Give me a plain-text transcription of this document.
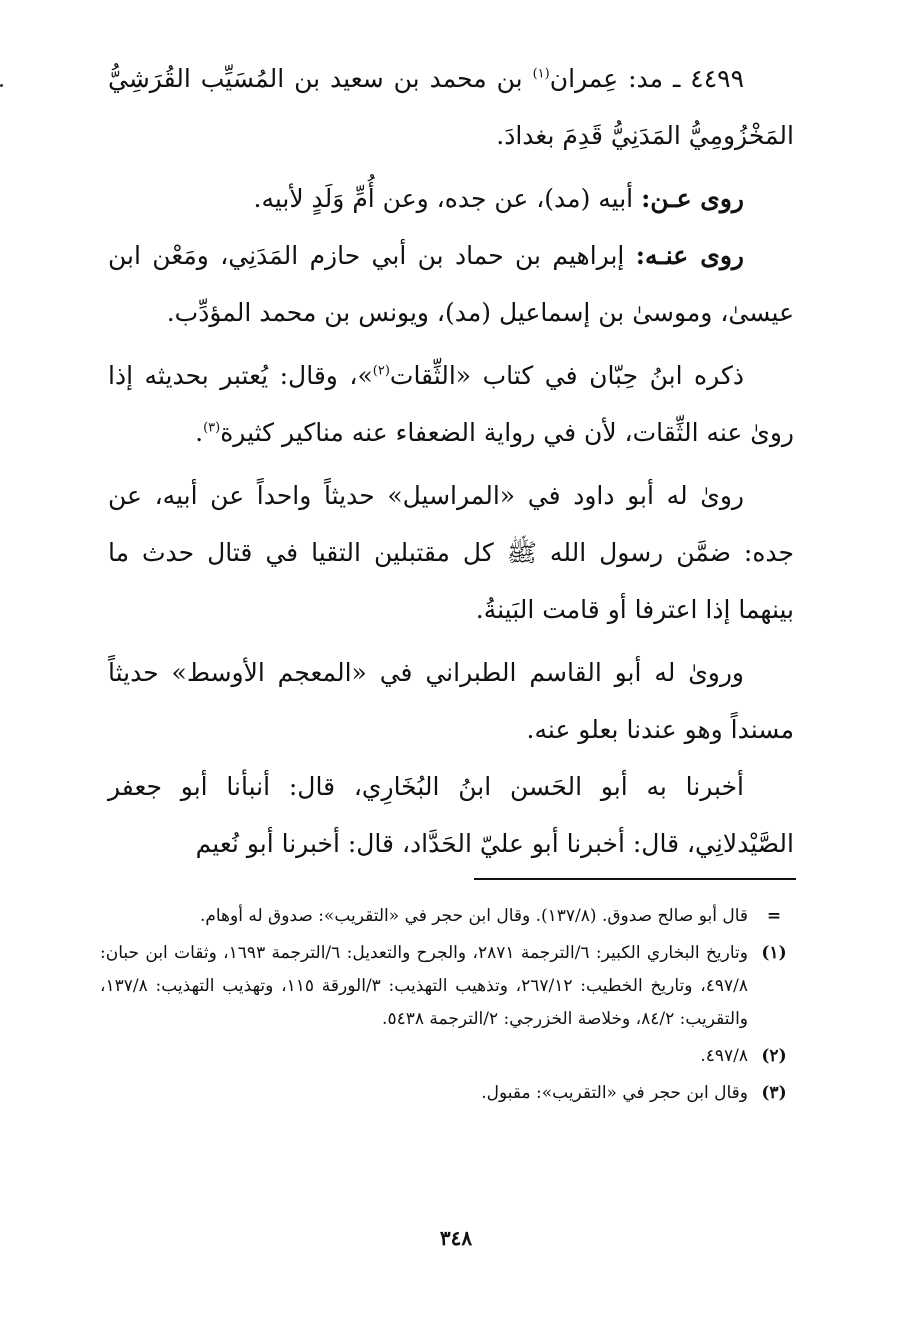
٤٤٩٩ ـ مد: عِمران$^{(١)}$ بن محمد بن سعيد بن المُسَيِّب القُرَشِيُّ المَخْزُومِيُّ المَدَنِيُّ قَدِمَ بغدادَ.

روى عـن: أبيه (مد)، عن جده، وعن أُمِّ وَلَدٍ لأبيه.

روى عنـه: إبراهيم بن حماد بن أبي حازم المَدَنِي، ومَعْن ابن عيسىٰ، وموسىٰ بن إسماعيل (مد)، ويونس بن محمد المؤدِّب.

ذكره ابنُ حِبّان في كتاب «الثِّقات$^{(٢)}$»، وقال: يُعتبر بحديثه إذا روىٰ عنه الثِّقات، لأن في رواية الضعفاء عنه مناكير كثيرة$^{(٣)}$.

روىٰ له أبو داود في «المراسيل» حديثاً واحداً عن أبيه، عن جده: ضمَّن رسول الله ﷺ كل مقتبلين التقيا في قتال حدث ما بينهما إذا اعترفا أو قامت البَينةُ.

وروىٰ له أبو القاسم الطبراني في «المعجم الأوسط» حديثاً مسنداً وهو عندنا بعلو عنه.

أخبرنا به أبو الحَسن ابنُ البُخَارِي، قال: أنبأنا أبو جعفر الصَّيْدلانِي، قال: أخبرنا أبو عليّ الحَدَّاد، قال: أخبرنا أبو نُعيم

=
قال أبو صالح صدوق. (١٣٧/٨). وقال ابن حجر في «التقريب»: صدوق له أوهام.
(١)
وتاريخ البخاري الكبير: ٦/الترجمة ٢٨٧١، والجرح والتعديل: ٦/الترجمة ١٦٩٣، وثقات ابن حبان: ٤٩٧/٨، وتاريخ الخطيب: ٢٦٧/١٢، وتذهيب التهذيب: ٣/الورقة ١١٥، وتهذيب التهذيب: ١٣٧/٨، والتقريب: ٨٤/٢، وخلاصة الخزرجي: ٢/الترجمة ٥٤٣٨.
(٢)
٤٩٧/٨.
(٣)
وقال ابن حجر في «التقريب»: مقبول.
٣٤٨
